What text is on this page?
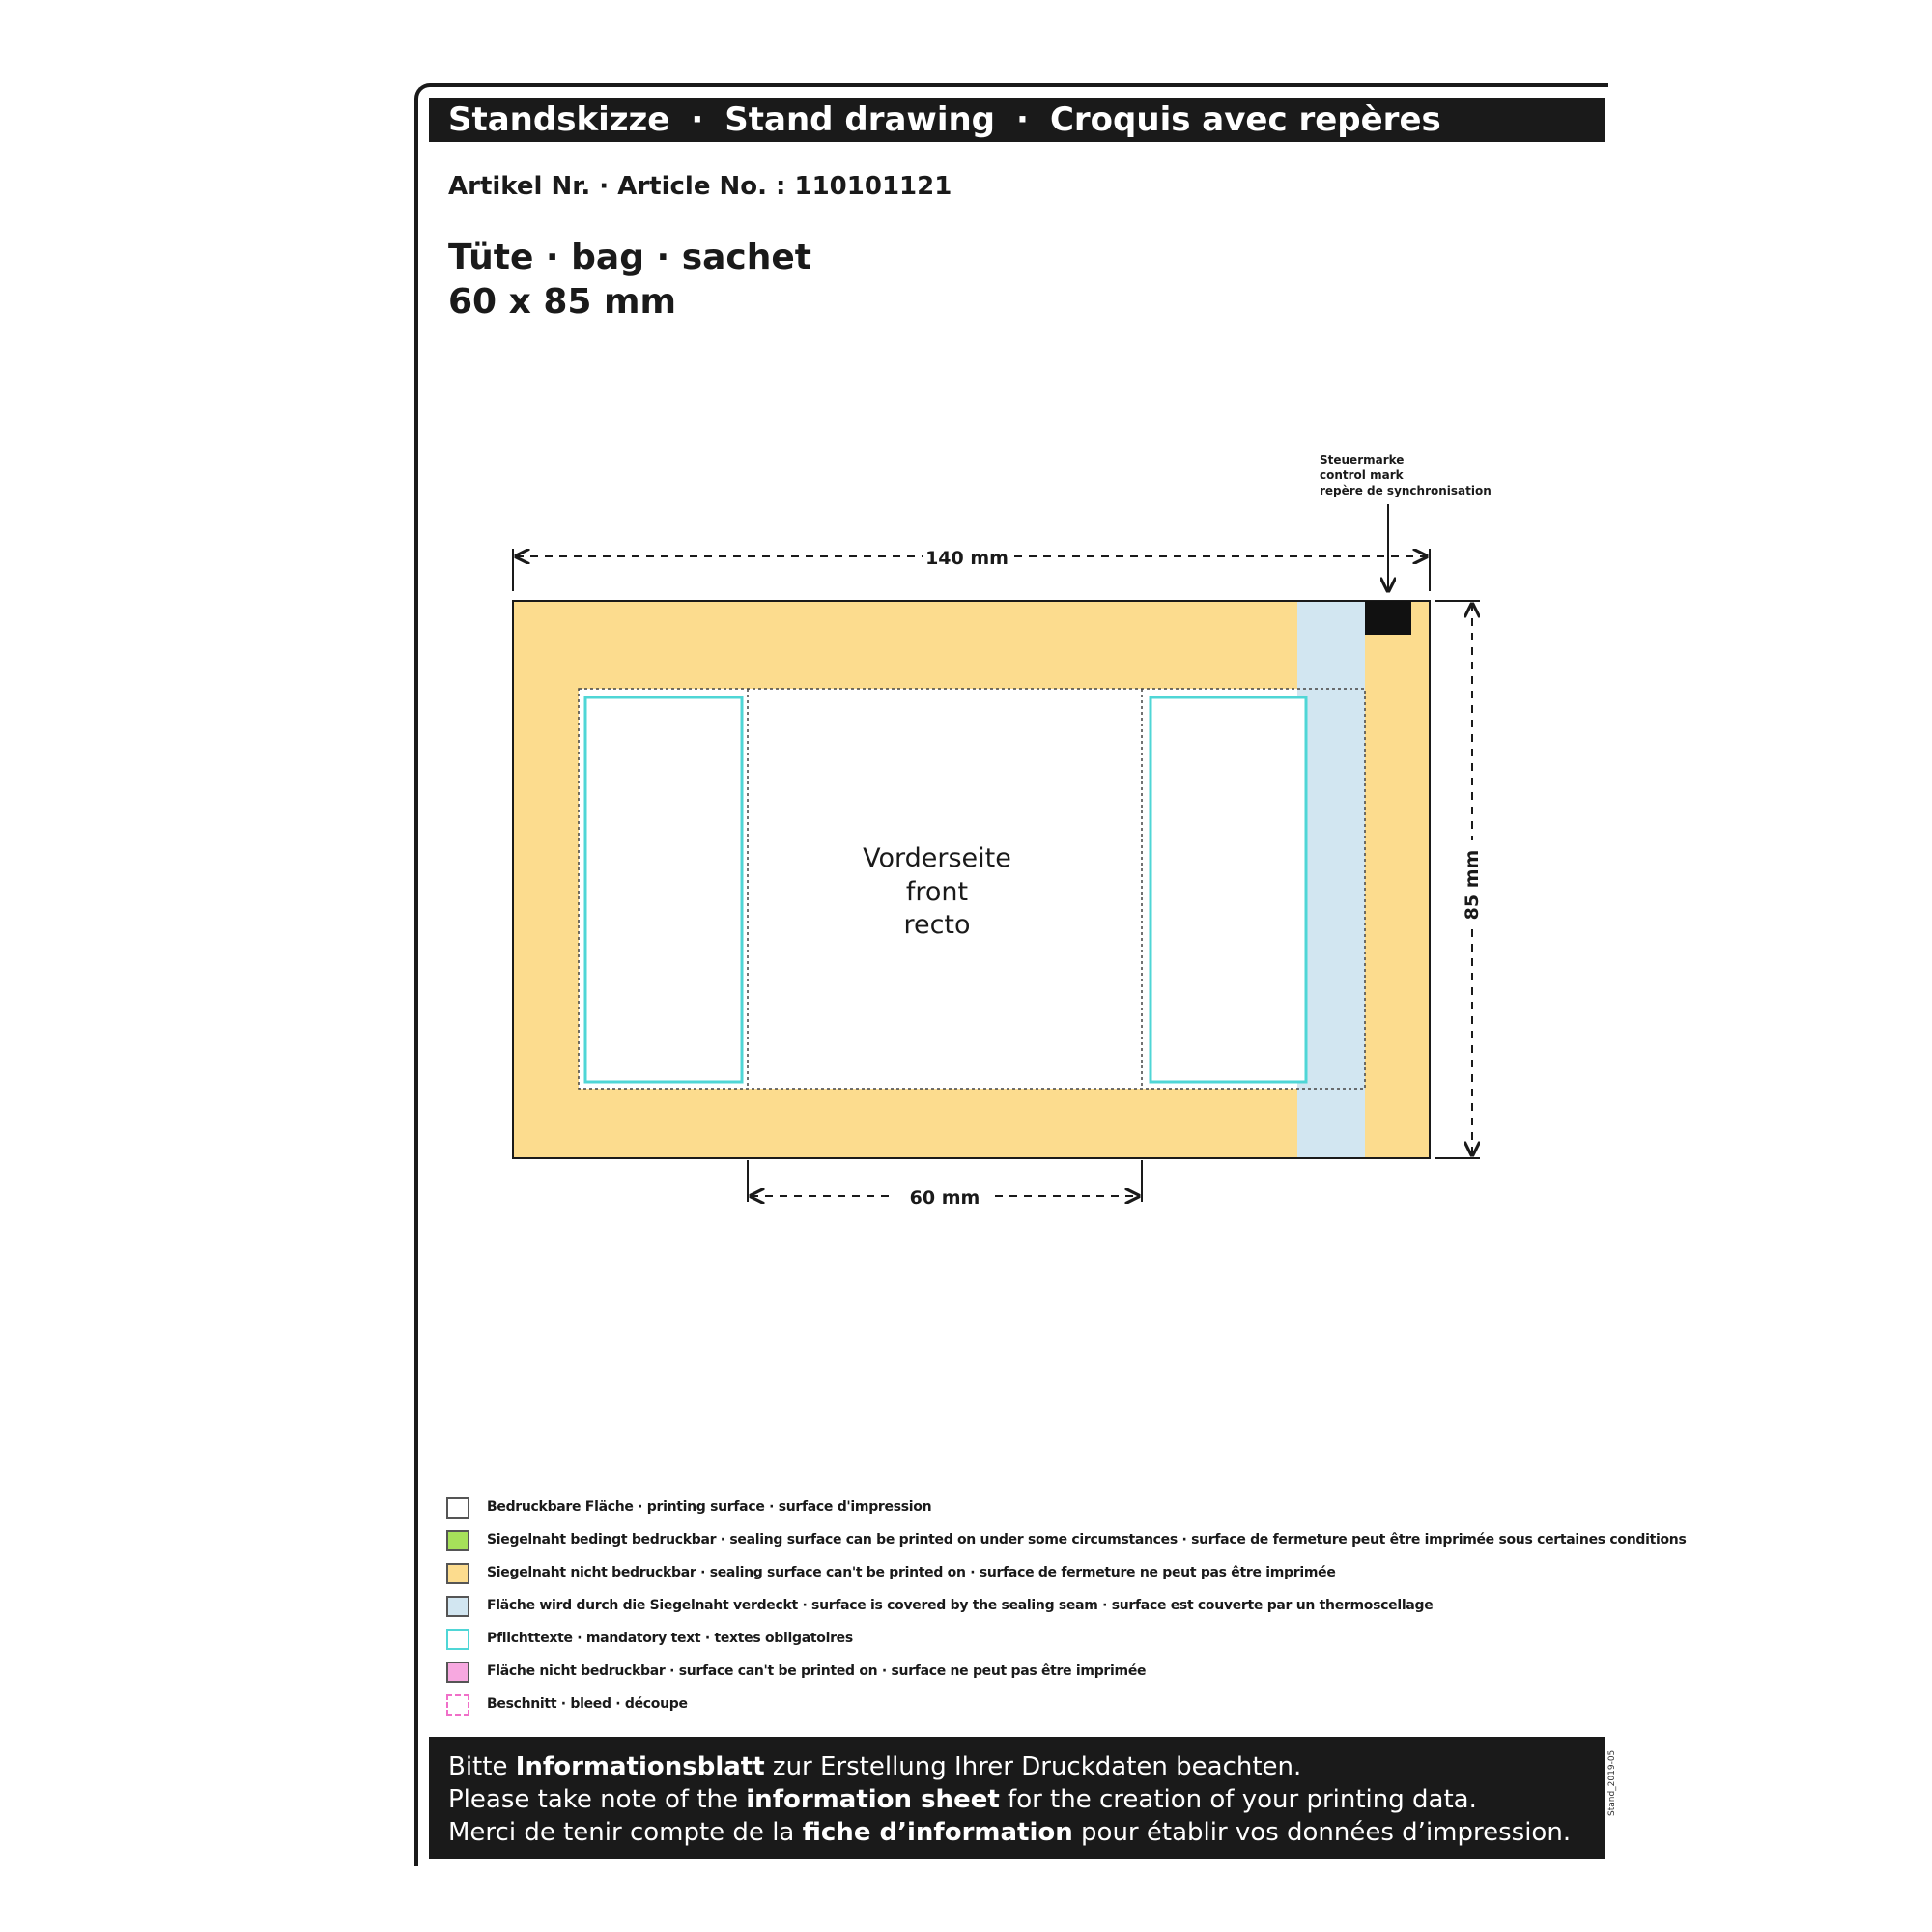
Standskizze · Stand drawing · Croquis avec repères
Artikel Nr. · Article No. : 110101121
Tüte · bag · sachet
60 x 85 mm
Steuermarke
control mark
repère de synchronisation
140 mm
85 mm
60 mm
Vorderseite
front
recto
Bedruckbare Fläche · printing surface · surface d'impression
Siegelnaht bedingt bedruckbar · sealing surface can be printed on under some circumstances · surface de fermeture peut être imprimée sous certaines conditions
Siegelnaht nicht bedruckbar · sealing surface can't be printed on · surface de fermeture ne peut pas être imprimée
Fläche wird durch die Siegelnaht verdeckt · surface is covered by the sealing seam · surface est couverte par un thermoscellage
Pflichttexte · mandatory text · textes obligatoires
Fläche nicht bedruckbar · surface can't be printed on · surface ne peut pas être imprimée
Beschnitt · bleed · découpe
Bitte Informationsblatt zur Erstellung Ihrer Druckdaten beachten.
Please take note of the information sheet for the creation of your printing data.
Merci de tenir compte de la fiche d’information pour établir vos données d’impression.
Stand_2019-05
